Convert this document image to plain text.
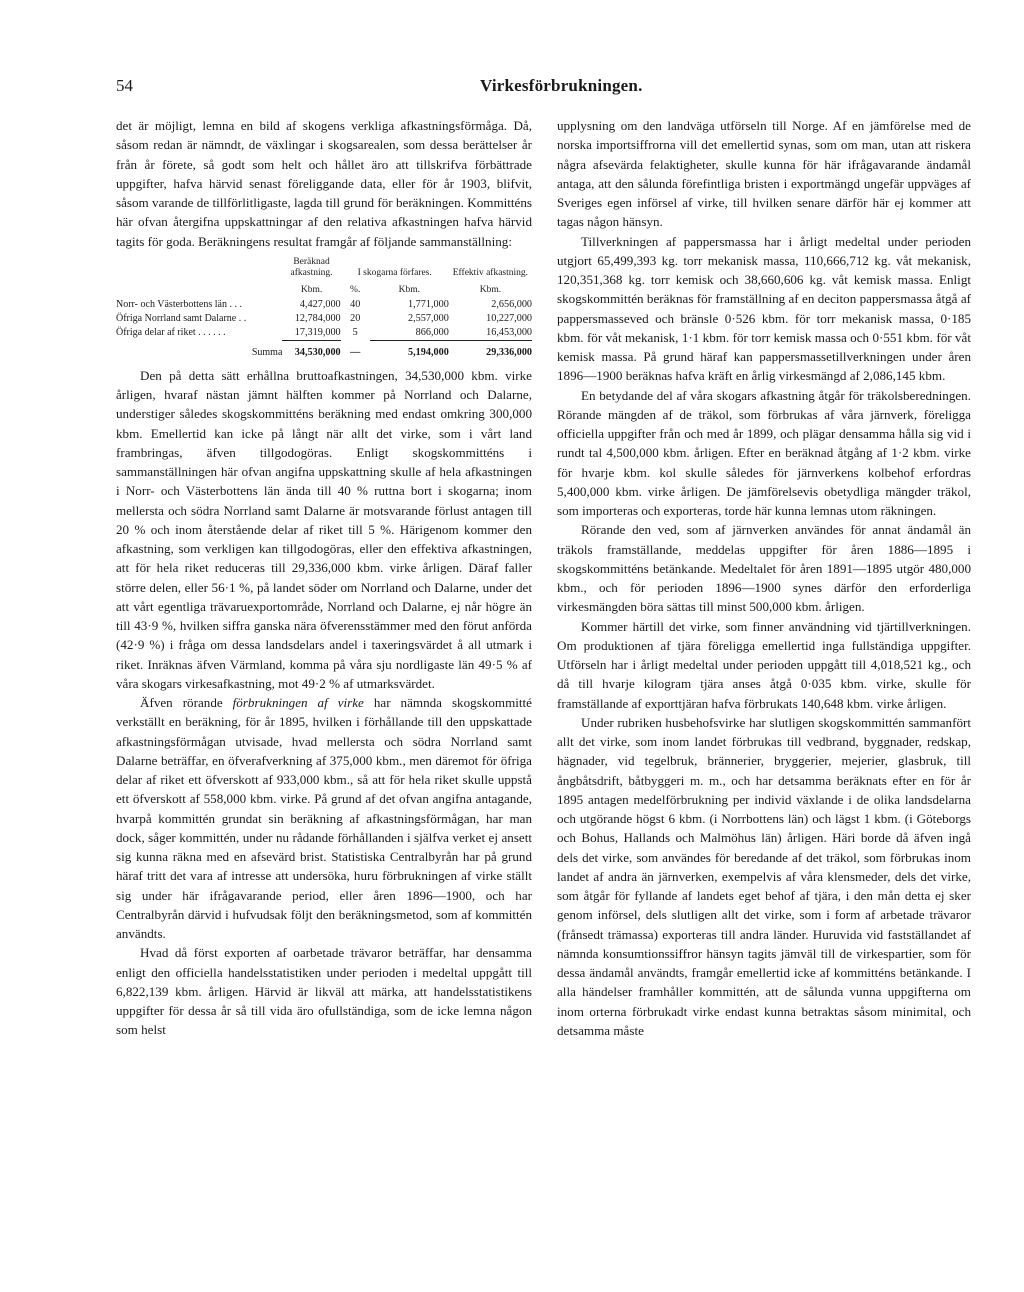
54	Virkesförbrukningen.

det är möjligt, lemna en bild af skogens verkliga afkastningsförmåga. Då, såsom redan är nämndt, de växlingar i skogsarealen, som dessa berättelser år från år förete, så godt som helt och hållet äro att tillskrifva förbättrade uppgifter, hafva härvid senast föreliggande data, eller för år 1903, blifvit, såsom varande de tillförlitligaste, lagda till grund för beräkningen. Kommitténs här ofvan återgifna uppskattningar af den relativa afkastningen hafva härvid tagits för goda. Beräkningens resultat framgår af följande sammanställning:

	Beräknad afkastning.	I skogarna förfares.		Effektiv afkastning.
	Kbm.	%.	Kbm.	Kbm.
Norr- och Västerbottens län . . .	4,427,000	40	1,771,000	2,656,000
Öfriga Norrland samt Dalarne . .	12,784,000	20	2,557,000	10,227,000
Öfriga delar af riket . . . . . .	17,319,000	5	866,000	16,453,000
Summa	34,530,000	—	5,194,000	29,336,000

Den på detta sätt erhållna bruttoafkastningen, 34,530,000 kbm. virke årligen, hvaraf nästan jämnt hälften kommer på Norrland och Dalarne, understiger således skogskommitténs beräkning med endast omkring 300,000 kbm. Emellertid kan icke på långt när allt det virke, som i vårt land frambringas, äfven tillgodogöras. Enligt skogskommitténs i sammanställningen här ofvan angifna uppskattning skulle af hela afkastningen i Norr- och Västerbottens län ända till 40 % ruttna bort i skogarna; inom mellersta och södra Norrland samt Dalarne är motsvarande förlust antagen till 20 % och inom återstående delar af riket till 5 %. Härigenom kommer den afkastning, som verkligen kan tillgodogöras, eller den effektiva afkastningen, att för hela riket reduceras till 29,336,000 kbm. virke årligen. Däraf faller större delen, eller 56·1 %, på landet söder om Norrland och Dalarne, under det att vårt egentliga trävaruexportområde, Norrland och Dalarne, ej når högre än till 43·9 %, hvilken siffra ganska nära öfverensstämmer med den förut anförda (42·9 %) i fråga om dessa landsdelars andel i taxeringsvärdet å all utmark i riket. Inräknas äfven Värmland, komma på våra sju nordligaste län 49·5 % af våra skogars virkesafkastning, mot 49·2 % af utmarksvärdet.

Äfven rörande förbrukningen af virke har nämnda skogskommitté verkställt en beräkning, för år 1895, hvilken i förhållande till den uppskattade afkastningsförmågan utvisade, hvad mellersta och södra Norrland samt Dalarne beträffar, en öfverafverkning af 375,000 kbm., men däremot för öfriga delar af riket ett öfverskott af 933,000 kbm., så att för hela riket skulle uppstå ett öfverskott af 558,000 kbm. virke. På grund af det ofvan angifna antagande, hvarpå kommittén grundat sin beräkning af afkastningsförmågan, har man dock, såger kommittén, under nu rådande förhållanden i själfva verket ej ansett sig kunna räkna med en afsevärd brist. Statistiska Centralbyrån har på grund häraf tritt det vara af intresse att undersöka, huru förbrukningen af virke ställt sig under här ifrågavarande period, eller åren 1896—1900, och har Centralbyrån därvid i hufvudsak följt den beräkningsmetod, som af kommittén användts.

Hvad då först exporten af oarbetade trävaror beträffar, har densamma enligt den officiella handelsstatistiken under perioden i medeltal uppgått till 6,822,139 kbm. årligen. Härvid är likväl att märka, att handelsstatistikens uppgifter för dessa år så till vida äro ofullständiga, som de icke lemna någon som helst

upplysning om den landväga utförseln till Norge. Af en jämförelse med de norska importsiffrorna vill det emellertid synas, som om man, utan att riskera några afsevärda felaktigheter, skulle kunna för här ifrågavarande ändamål antaga, att den sålunda förefintliga bristen i exportmängd ungefär uppväges af Sveriges egen införsel af virke, till hvilken senare därför här ej kommer att tagas någon hänsyn.

Tillverkningen af pappersmassa har i årligt medeltal under perioden utgjort 65,499,393 kg. torr mekanisk massa, 110,666,712 kg. våt mekanisk, 120,351,368 kg. torr kemisk och 38,660,606 kg. våt kemisk massa. Enligt skogskommittén beräknas för framställning af en deciton pappersmassa åtgå af pappersmasseved och bränsle 0·526 kbm. för torr mekanisk massa, 0·185 kbm. för våt mekanisk, 1·1 kbm. för torr kemisk massa och 0·551 kbm. för våt kemisk massa. På grund häraf kan pappersmassetillverkningen under åren 1896—1900 beräknas hafva kräft en årlig virkesmängd af 2,086,145 kbm.

En betydande del af våra skogars afkastning åtgår för träkolsberedningen. Rörande mängden af de träkol, som förbrukas af våra järnverk, föreligga officiella uppgifter från och med år 1899, och plägar densamma hålla sig vid i rundt tal 4,500,000 kbm. årligen. Efter en beräknad åtgång af 1·2 kbm. virke för hvarje kbm. kol skulle således för järnverkens kolbehof erfordras 5,400,000 kbm. virke årligen. De jämförelsevis obetydliga mängder träkol, som importeras och exporteras, torde här kunna lemnas utom räkningen.

Rörande den ved, som af järnverken användes för annat ändamål än träkols framställande, meddelas uppgifter för åren 1886—1895 i skogskommitténs betänkande. Medeltalet för åren 1891—1895 utgör 480,000 kbm., och för perioden 1896—1900 synes därför den erforderliga virkesmängden böra sättas till minst 500,000 kbm. årligen.

Kommer härtill det virke, som finner användning vid tjärtillverkningen. Om produktionen af tjära föreligga emellertid inga fullständiga uppgifter. Utförseln har i årligt medeltal under perioden uppgått till 4,018,521 kg., och då till hvarje kilogram tjära anses åtgå 0·035 kbm. virke, skulle för framställande af exporttjäran hafva förbrukats 140,648 kbm. virke årligen.

Under rubriken husbehofsvirke har slutligen skogskommittén sammanfört allt det virke, som inom landet förbrukas till vedbrand, byggnader, redskap, hägnader, vid tegelbruk, brännerier, bryggerier, mejerier, glasbruk, till ångbåtsdrift, båtbyggeri m. m., och har detsamma beräknats efter en för år 1895 antagen medelförbrukning per individ växlande i de olika landsdelarna och utgörande högst 6 kbm. (i Norrbottens län) och lägst 1 kbm. (i Göteborgs och Bohus, Hallands och Malmöhus län) årligen. Häri borde då äfven ingå dels det virke, som användes för beredande af det träkol, som förbrukas inom landet af andra än järnverken, exempelvis af våra klensmeder, dels det virke, som åtgår för fyllande af landets eget behof af tjära, i den mån detta ej sker genom införsel, dels slutligen allt det virke, som i form af arbetade trävaror (frånsedt trämassa) exporteras till andra länder. Huruvida vid fastställandet af nämnda konsumtionssiffror hänsyn tagits jämväl till de virkespartier, som för dessa ändamål användts, framgår emellertid icke af kommitténs betänkande. I alla händelser framhåller kommittén, att de sålunda vunna uppgifterna om inom orterna förbrukadt virke endast kunna betraktas såsom minimital, och detsamma måste
